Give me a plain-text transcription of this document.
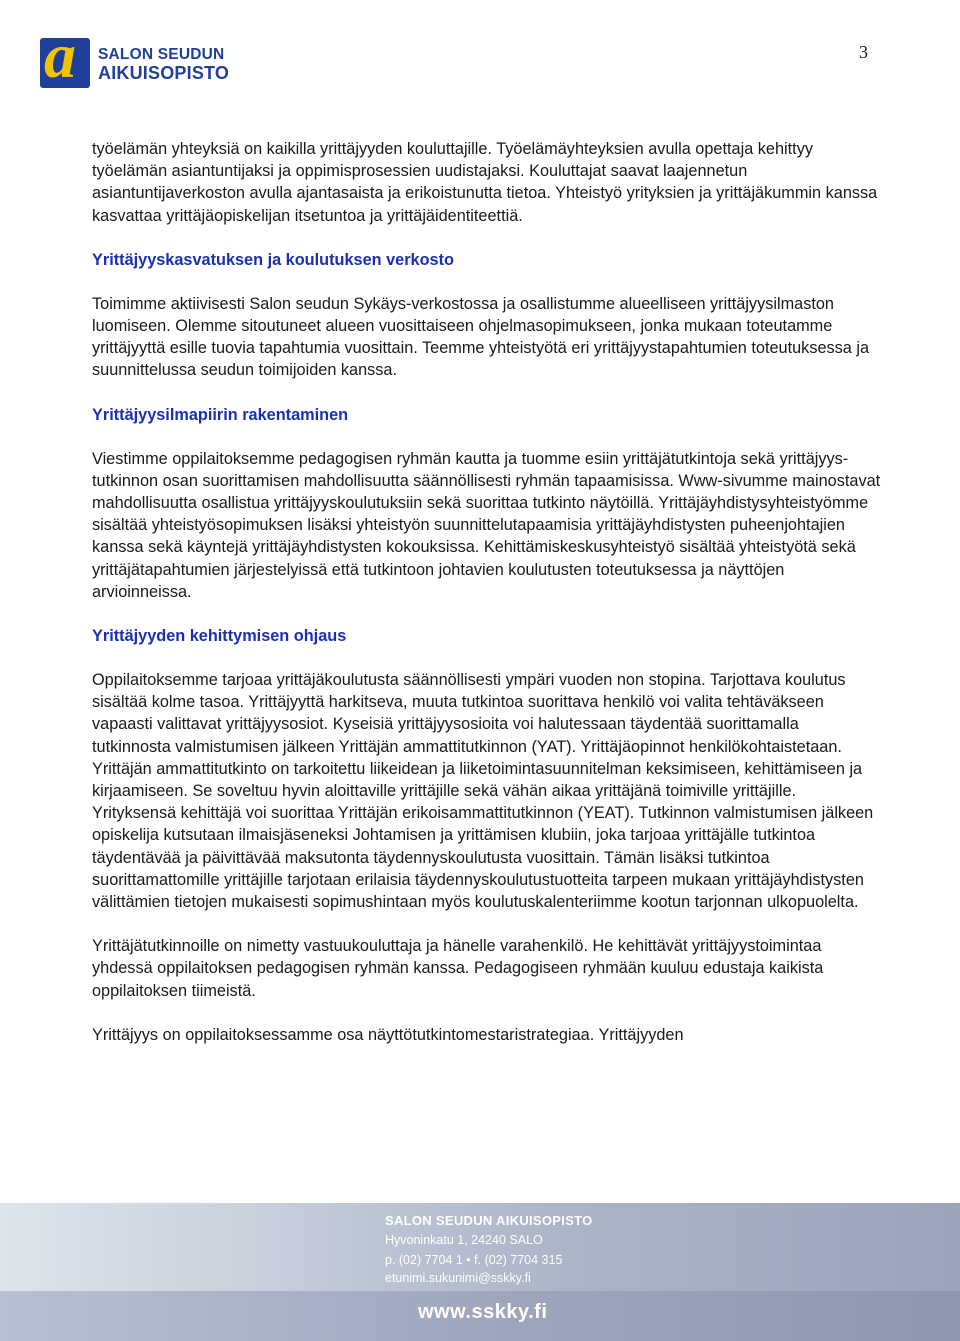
a SALON SEUDUN
AIKUISOPISTO
3

työelämän yhteyksiä on kaikilla yrittäjyyden kouluttajille. Työelämäyhteyksien avulla opettaja kehittyy työelämän asiantuntijaksi ja oppimisprosessien uudistajaksi. Kouluttajat saavat laajennetun asiantuntijaverkoston avulla ajantasaista ja erikoistunutta tietoa. Yhteistyö yrityksien ja yrittäjäkummin kanssa kasvattaa yrittäjäopiskelijan itsetuntoa ja yrittäjäidentiteettiä.

Yrittäjyyskasvatuksen ja koulutuksen verkosto

Toimimme aktiivisesti Salon seudun Sykäys-verkostossa ja osallistumme alueelliseen yrittäjyysilmaston luomiseen. Olemme sitoutuneet alueen vuosittaiseen ohjelmasopimukseen, jonka mukaan toteutamme yrittäjyyttä esille tuovia tapahtumia vuosittain. Teemme yhteistyötä eri yrittäjyystapahtumien toteutuksessa ja suunnittelussa seudun toimijoiden kanssa.

Yrittäjyysilmapiirin rakentaminen

Viestimme oppilaitoksemme pedagogisen ryhmän kautta ja tuomme esiin yrittäjätutkintoja sekä yrittäjyys-tutkinnon osan suorittamisen mahdollisuutta säännöllisesti ryhmän tapaamisissa. Www-sivumme mainostavat mahdollisuutta osallistua yrittäjyyskoulutuksiin sekä suorittaa tutkinto näytöillä. Yrittäjäyhdistysyhteistyömme sisältää yhteistyösopimuksen lisäksi yhteistyön suunnittelutapaamisia yrittäjäyhdistysten puheenjohtajien kanssa sekä käyntejä yrittäjäyhdistysten kokouksissa. Kehittämiskeskusyhteistyö sisältää yhteistyötä sekä yrittäjätapahtumien järjestelyissä että tutkintoon johtavien koulutusten toteutuksessa ja näyttöjen arvioinneissa.

Yrittäjyyden kehittymisen ohjaus

Oppilaitoksemme tarjoaa yrittäjäkoulutusta säännöllisesti ympäri vuoden non stopina. Tarjottava koulutus sisältää kolme tasoa. Yrittäjyyttä harkitseva, muuta tutkintoa suorittava henkilö voi valita tehtäväkseen vapaasti valittavat yrittäjyysosiot. Kyseisiä yrittäjyysosioita voi halutessaan täydentää suorittamalla tutkinnosta valmistumisen jälkeen Yrittäjän ammattitutkinnon (YAT). Yrittäjäopinnot henkilökohtaistetaan. Yrittäjän ammattitutkinto on tarkoitettu liikeidean ja liiketoimintasuunnitelman keksimiseen, kehittämiseen ja kirjaamiseen. Se soveltuu hyvin aloittaville yrittäjille sekä vähän aikaa yrittäjänä toimiville yrittäjille. Yrityksensä kehittäjä voi suorittaa Yrittäjän erikoisammattitutkinnon (YEAT). Tutkinnon valmistumisen jälkeen opiskelija kutsutaan ilmaisjäseneksi Johtamisen ja yrittämisen klubiin, joka tarjoaa yrittäjälle tutkintoa täydentävää ja päivittävää maksutonta täydennyskoulutusta vuosittain. Tämän lisäksi tutkintoa suorittamattomille yrittäjille tarjotaan erilaisia täydennyskoulutustuotteita tarpeen mukaan yrittäjäyhdistysten välittämien tietojen mukaisesti sopimushintaan myös koulutuskalenteriimme kootun tarjonnan ulkopuolelta.

Yrittäjätutkinnoille on nimetty vastuukouluttaja ja hänelle varahenkilö. He kehittävät yrittäjyystoimintaa yhdessä oppilaitoksen pedagogisen ryhmän kanssa. Pedagogiseen ryhmään kuuluu edustaja kaikista oppilaitoksen tiimeistä.

Yrittäjyys on oppilaitoksessamme osa näyttötutkintomestaristrategiaa. Yrittäjyyden

SALON SEUDUN AIKUISOPISTO
Hyvoninkatu 1, 24240 SALO
p. (02) 7704 1 • f. (02) 7704 315
etunimi.sukunimi@sskky.fi
www.sskky.fi
